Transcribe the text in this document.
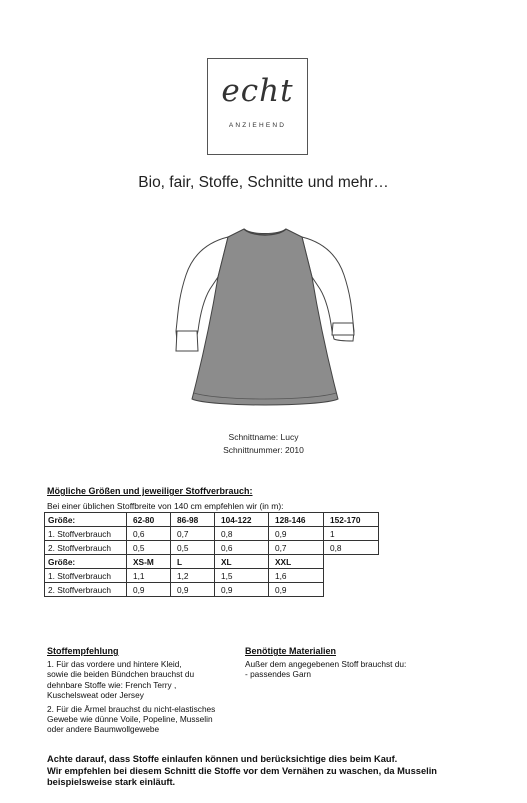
echt
ANZIEHEND
Bio, fair, Stoffe, Schnitte und mehr…
Schnittname: Lucy
Schnittnummer: 2010
Mögliche Größen und jeweiliger Stoffverbrauch:
Bei einer üblichen Stoffbreite von 140 cm empfehlen wir (in m):
Größe:	62-80	86-98	104-122	128-146	152-170
1. Stoffverbrauch	0,6	0,7	0,8	0,9	1
2. Stoffverbrauch	0,5	0,5	0,6	0,7	0,8
Größe:	XS-M	L	XL	XXL	
1. Stoffverbrauch	1,1	1,2	1,5	1,6	
2. Stoffverbrauch	0,9	0,9	0,9	0,9	
Stoffempfehlung

1. Für das vordere und hintere Kleid,
sowie die beiden Bündchen brauchst du
dehnbare Stoffe wie: French Terry ,
Kuschelsweat oder Jersey

2. Für die Ärmel brauchst du nicht-elastisches
Gewebe wie dünne Voile, Popeline, Musselin
oder andere Baumwollgewebe

Benötigte Materialien
Außer dem angegebenen Stoff brauchst du:
- passendes Garn
Achte darauf, dass Stoffe einlaufen können und berücksichtige dies beim Kauf.
Wir empfehlen bei diesem Schnitt die Stoffe vor dem Vernähen zu waschen, da Musselin
beispielsweise stark einläuft.
